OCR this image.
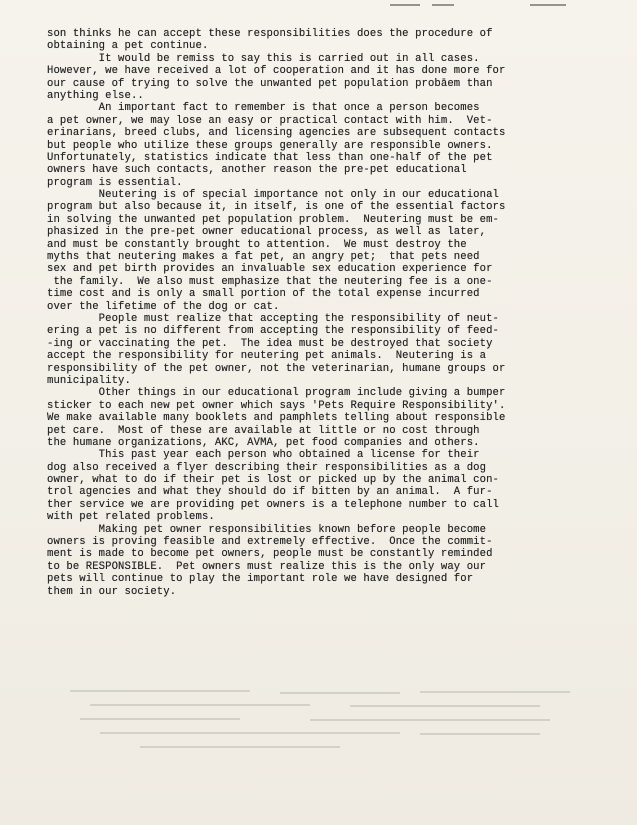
son thinks he can accept these responsibilities does the procedure of
obtaining a pet continue.
It would be remiss to say this is carried out in all cases.
However, we have received a lot of cooperation and it has done more for
our cause of trying to solve the unwanted pet population probāem than
anything else..
An important fact to remember is that once a person becomes
a pet owner, we may lose an easy or practical contact with him.  Vet-
erinarians, breed clubs, and licensing agencies are subsequent contacts
but people who utilize these groups generally are responsible owners.
Unfortunately, statistics indicate that less than one-half of the pet
owners have such contacts, another reason the pre-pet educational
program is essential.
Neutering is of special importance not only in our educational
program but also because it, in itself, is one of the essential factors
in solving the unwanted pet population problem.  Neutering must be em-
phasized in the pre-pet owner educational process, as well as later,
and must be constantly brought to attention.  We must destroy the
myths that neutering makes a fat pet, an angry pet;  that pets need
sex and pet birth provides an invaluable sex education experience for
the family.  We also must emphasize that the neutering fee is a one-
time cost and is only a small portion of the total expense incurred
over the lifetime of the dog or cat.
People must realize that accepting the responsibility of neut-
ering a pet is no different from accepting the responsibility of feed-
-ing or vaccinating the pet.  The idea must be destroyed that society
accept the responsibility for neutering pet animals.  Neutering is a
responsibility of the pet owner, not the veterinarian, humane groups or
municipality.
Other things in our educational program include giving a bumper
sticker to each new pet owner which says 'Pets Require Responsibility'.
We make available many booklets and pamphlets telling about responsible
pet care.  Most of these are available at little or no cost through
the humane organizations, AKC, AVMA, pet food companies and others.
This past year each person who obtained a license for their
dog also received a flyer describing their responsibilities as a dog
owner, what to do if their pet is lost or picked up by the animal con-
trol agencies and what they should do if bitten by an animal.  A fur-
ther service we are providing pet owners is a telephone number to call
with pet related problems.
Making pet owner responsibilities known before people become
owners is proving feasible and extremely effective.  Once the commit-
ment is made to become pet owners, people must be constantly reminded
to be RESPONSIBLE.  Pet owners must realize this is the only way our
pets will continue to play the important role we have designed for
them in our society.
